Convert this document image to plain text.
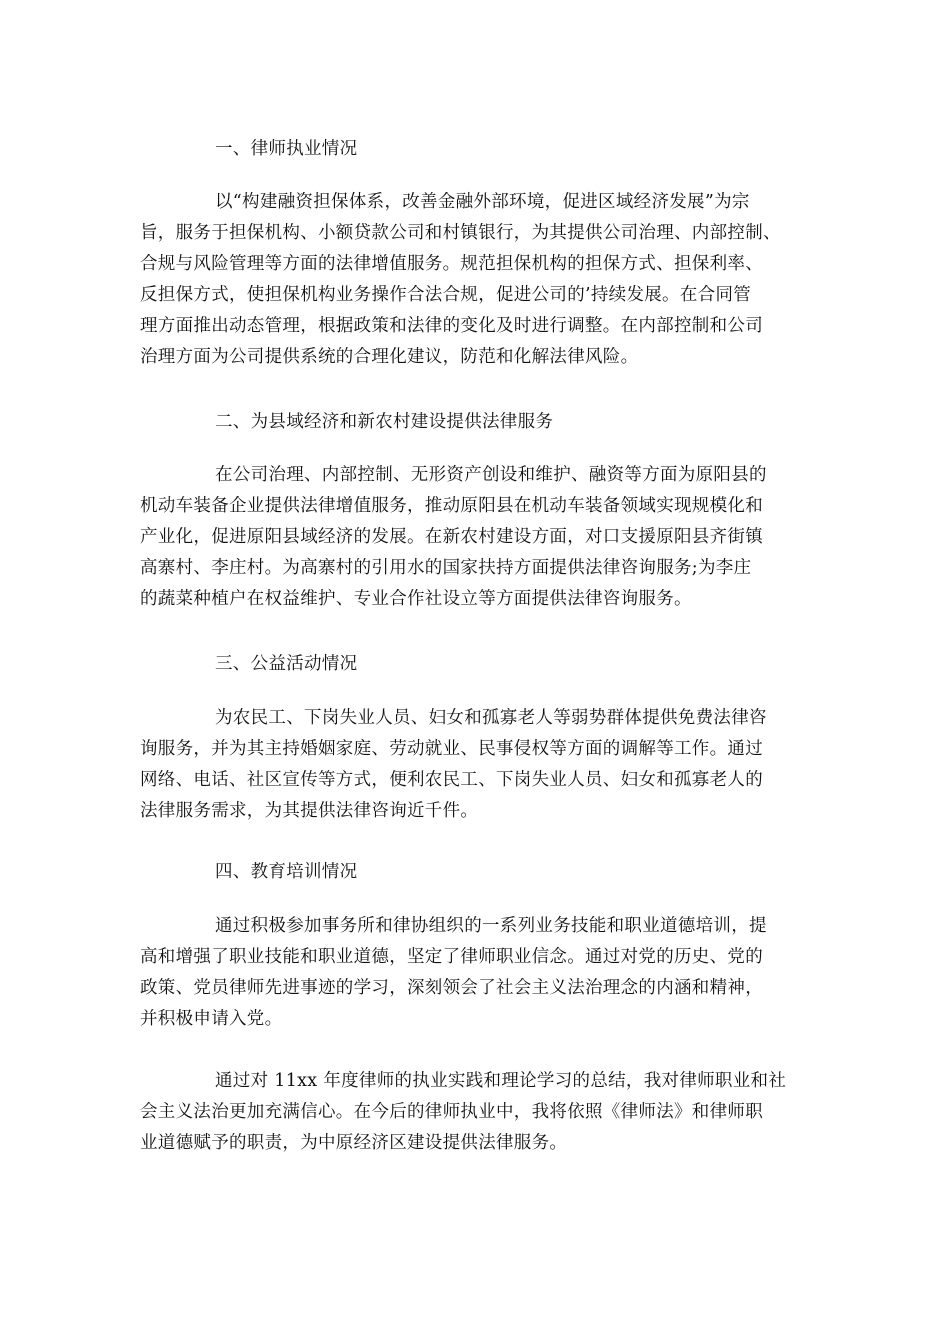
一、律师执业情况
以“构建融资担保体系，改善金融外部环境，促进区域经济发展”为宗
旨，服务于担保机构、小额贷款公司和村镇银行，为其提供公司治理、内部控制、
合规与风险管理等方面的法律增值服务。规范担保机构的担保方式、担保利率、
反担保方式，使担保机构业务操作合法合规，促进公司的’持续发展。在合同管
理方面推出动态管理，根据政策和法律的变化及时进行调整。在内部控制和公司
治理方面为公司提供系统的合理化建议，防范和化解法律风险。
二、为县域经济和新农村建设提供法律服务
在公司治理、内部控制、无形资产创设和维护、融资等方面为原阳县的
机动车装备企业提供法律增值服务，推动原阳县在机动车装备领域实现规模化和
产业化，促进原阳县域经济的发展。在新农村建设方面，对口支援原阳县齐街镇
高寨村、李庄村。为高寨村的引用水的国家扶持方面提供法律咨询服务;为李庄
的蔬菜种植户在权益维护、专业合作社设立等方面提供法律咨询服务。
三、公益活动情况
为农民工、下岗失业人员、妇女和孤寡老人等弱势群体提供免费法律咨
询服务，并为其主持婚姻家庭、劳动就业、民事侵权等方面的调解等工作。通过
网络、电话、社区宣传等方式，便利农民工、下岗失业人员、妇女和孤寡老人的
法律服务需求，为其提供法律咨询近千件。
四、教育培训情况
通过积极参加事务所和律协组织的一系列业务技能和职业道德培训，提
高和增强了职业技能和职业道德，坚定了律师职业信念。通过对党的历史、党的
政策、党员律师先进事迹的学习，深刻领会了社会主义法治理念的内涵和精神，
并积极申请入党。
通过对 11xx 年度律师的执业实践和理论学习的总结，我对律师职业和社
会主义法治更加充满信心。在今后的律师执业中，我将依照《律师法》和律师职
业道德赋予的职责，为中原经济区建设提供法律服务。
